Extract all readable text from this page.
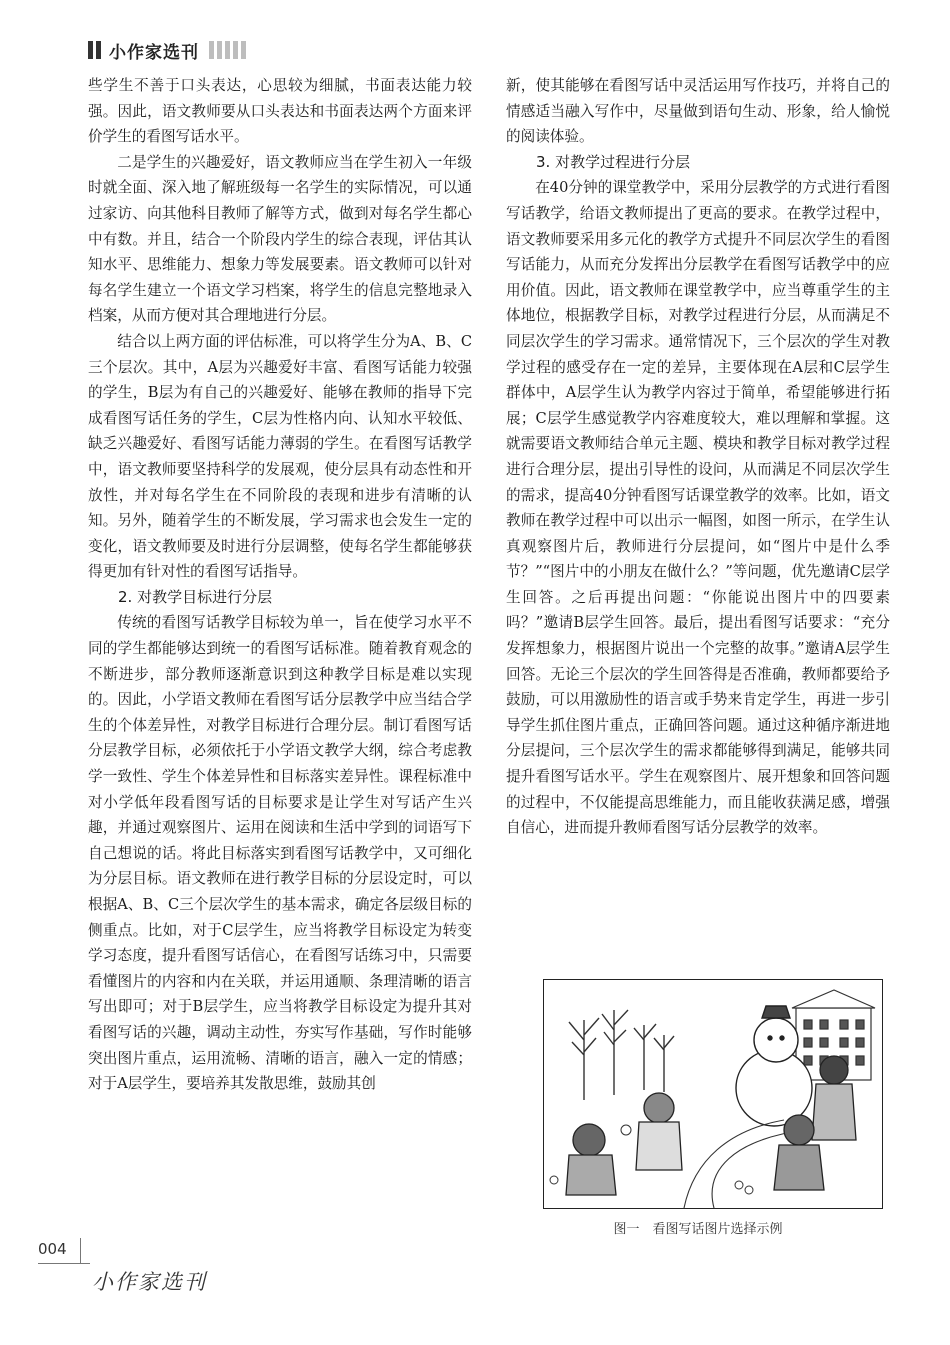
小作家选刊

些学生不善于口头表达，心思较为细腻，书面表达能力较强。因此，语文教师要从口头表达和书面表达两个方面来评价学生的看图写话水平。

二是学生的兴趣爱好，语文教师应当在学生初入一年级时就全面、深入地了解班级每一名学生的实际情况，可以通过家访、向其他科目教师了解等方式，做到对每名学生都心中有数。并且，结合一个阶段内学生的综合表现，评估其认知水平、思维能力、想象力等发展要素。语文教师可以针对每名学生建立一个语文学习档案，将学生的信息完整地录入档案，从而方便对其合理地进行分层。

结合以上两方面的评估标准，可以将学生分为A、B、C三个层次。其中，A层为兴趣爱好丰富、看图写话能力较强的学生，B层为有自己的兴趣爱好、能够在教师的指导下完成看图写话任务的学生，C层为性格内向、认知水平较低、缺乏兴趣爱好、看图写话能力薄弱的学生。在看图写话教学中，语文教师要坚持科学的发展观，使分层具有动态性和开放性，并对每名学生在不同阶段的表现和进步有清晰的认知。另外，随着学生的不断发展，学习需求也会发生一定的变化，语文教师要及时进行分层调整，使每名学生都能够获得更加有针对性的看图写话指导。

2. 对教学目标进行分层

传统的看图写话教学目标较为单一，旨在使学习水平不同的学生都能够达到统一的看图写话标准。随着教育观念的不断进步，部分教师逐渐意识到这种教学目标是难以实现的。因此，小学语文教师在看图写话分层教学中应当结合学生的个体差异性，对教学目标进行合理分层。制订看图写话分层教学目标，必须依托于小学语文教学大纲，综合考虑教学一致性、学生个体差异性和目标落实差异性。课程标准中对小学低年段看图写话的目标要求是让学生对写话产生兴趣，并通过观察图片、运用在阅读和生活中学到的词语写下自己想说的话。将此目标落实到看图写话教学中，又可细化为分层目标。语文教师在进行教学目标的分层设定时，可以根据A、B、C三个层次学生的基本需求，确定各层级目标的侧重点。比如，对于C层学生，应当将教学目标设定为转变学习态度，提升看图写话信心，在看图写话练习中，只需要看懂图片的内容和内在关联，并运用通顺、条理清晰的语言写出即可；对于B层学生，应当将教学目标设定为提升其对看图写话的兴趣，调动主动性，夯实写作基础，写作时能够突出图片重点，运用流畅、清晰的语言，融入一定的情感；对于A层学生，要培养其发散思维，鼓励其创

新，使其能够在看图写话中灵活运用写作技巧，并将自己的情感适当融入写作中，尽量做到语句生动、形象，给人愉悦的阅读体验。

3. 对教学过程进行分层

在40分钟的课堂教学中，采用分层教学的方式进行看图写话教学，给语文教师提出了更高的要求。在教学过程中，语文教师要采用多元化的教学方式提升不同层次学生的看图写话能力，从而充分发挥出分层教学在看图写话教学中的应用价值。因此，语文教师在课堂教学中，应当尊重学生的主体地位，根据教学目标，对教学过程进行分层，从而满足不同层次学生的学习需求。通常情况下，三个层次的学生对教学过程的感受存在一定的差异，主要体现在A层和C层学生群体中，A层学生认为教学内容过于简单，希望能够进行拓展；C层学生感觉教学内容难度较大，难以理解和掌握。这就需要语文教师结合单元主题、模块和教学目标对教学过程进行合理分层，提出引导性的设问，从而满足不同层次学生的需求，提高40分钟看图写话课堂教学的效率。比如，语文教师在教学过程中可以出示一幅图，如图一所示，在学生认真观察图片后，教师进行分层提问，如“图片中是什么季节？”“图片中的小朋友在做什么？”等问题，优先邀请C层学生回答。之后再提出问题：“你能说出图片中的四要素吗？”邀请B层学生回答。最后，提出看图写话要求：“充分发挥想象力，根据图片说出一个完整的故事。”邀请A层学生回答。无论三个层次的学生回答得是否准确，教师都要给予鼓励，可以用激励性的语言或手势来肯定学生，再进一步引导学生抓住图片重点，正确回答问题。通过这种循序渐进地分层提问，三个层次学生的需求都能够得到满足，能够共同提升看图写话水平。学生在观察图片、展开想象和回答问题的过程中，不仅能提高思维能力，而且能收获满足感，增强自信心，进而提升教师看图写话分层教学的效率。

图一　看图写话图片选择示例
004
小作家选刊
